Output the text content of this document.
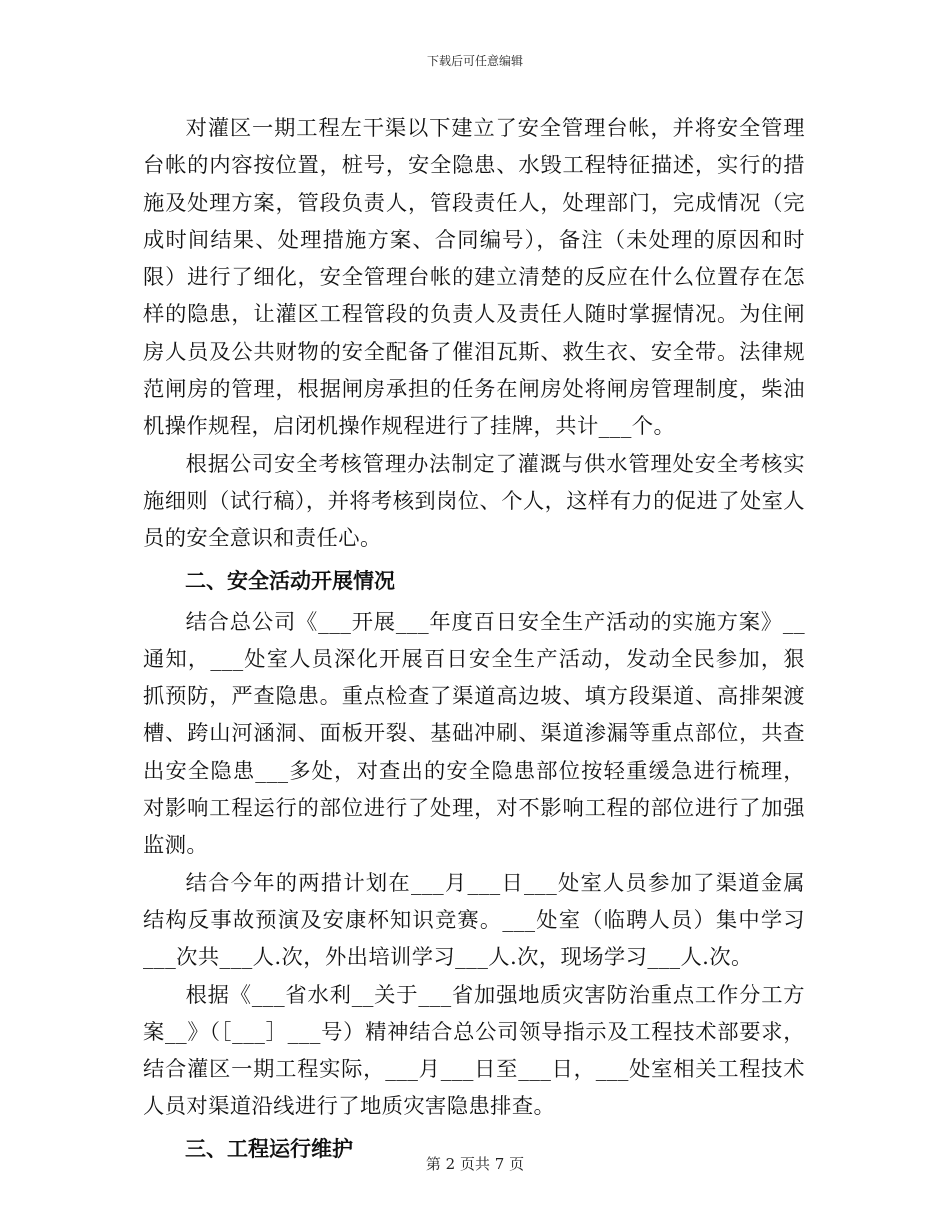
下载后可任意编辑

对灌区一期工程左干渠以下建立了安全管理台帐，并将安全管理台帐的内容按位置，桩号，安全隐患、水毁工程特征描述，实行的措施及处理方案，管段负责人，管段责任人，处理部门，完成情况（完成时间结果、处理措施方案、合同编号），备注（未处理的原因和时限）进行了细化，安全管理台帐的建立清楚的反应在什么位置存在怎样的隐患，让灌区工程管段的负责人及责任人随时掌握情况。为住闸房人员及公共财物的安全配备了催泪瓦斯、救生衣、安全带。法律规范闸房的管理，根据闸房承担的任务在闸房处将闸房管理制度，柴油机操作规程，启闭机操作规程进行了挂牌，共计___个。

根据公司安全考核管理办法制定了灌溉与供水管理处安全考核实施细则（试行稿），并将考核到岗位、个人，这样有力的促进了处室人员的安全意识和责任心。

二、安全活动开展情况

结合总公司《___开展___年度百日安全生产活动的实施方案》__通知，___处室人员深化开展百日安全生产活动，发动全民参加，狠抓预防，严查隐患。重点检查了渠道高边坡、填方段渠道、高排架渡槽、跨山河涵洞、面板开裂、基础冲刷、渠道渗漏等重点部位，共查出安全隐患___多处，对查出的安全隐患部位按轻重缓急进行梳理，对影响工程运行的部位进行了处理，对不影响工程的部位进行了加强监测。

结合今年的两措计划在___月___日___处室人员参加了渠道金属结构反事故预演及安康杯知识竞赛。___处室（临聘人员）集中学习___次共___人.次，外出培训学习___人.次，现场学习___人.次。

根据《___省水利__关于___省加强地质灾害防治重点工作分工方案__》（［___］___号）精神结合总公司领导指示及工程技术部要求，结合灌区一期工程实际，___月___日至___日，___处室相关工程技术人员对渠道沿线进行了地质灾害隐患排查。

三、工程运行维护

第 2 页共 7 页
